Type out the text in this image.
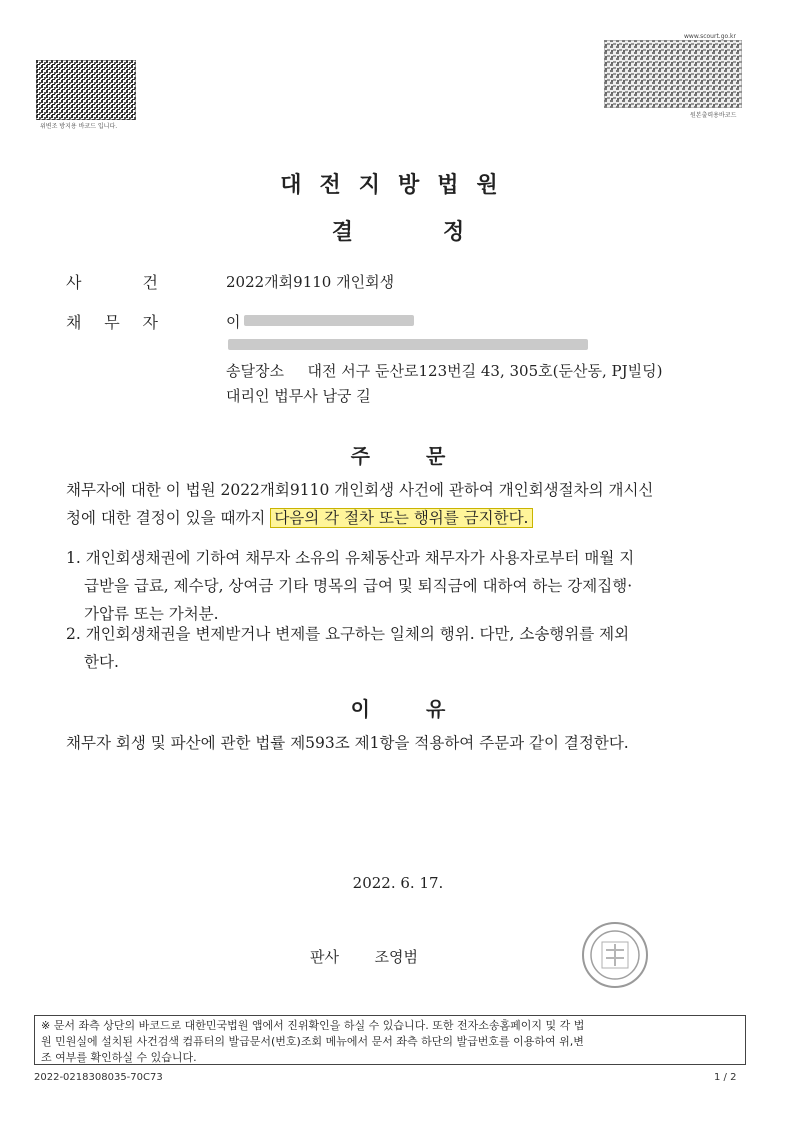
위변조 방지용 바코드 입니다.
www.scourt.go.kr
원본출력용바코드
대전지방법원
결	정
사	건	2022개회9110 개인회생
채 무 자	이
송달장소 대전 서구 둔산로123번길 43, 305호(둔산동, PJ빌딩)
대리인 법무사 남궁 길
주	문
채무자에 대한 이 법원 2022개회9110 개인회생 사건에 관하여 개인회생절차의 개시신
청에 대한 결정이 있을 때까지 다음의 각 절차 또는 행위를 금지한다.
1. 개인회생채권에 기하여 채무자 소유의 유체동산과 채무자가 사용자로부터 매월 지
급받을 급료, 제수당, 상여금 기타 명목의 급여 및 퇴직금에 대하여 하는 강제집행·
가압류 또는 가처분.
2. 개인회생채권을 변제받거나 변제를 요구하는 일체의 행위. 다만, 소송행위를 제외
한다.
이	유
채무자 회생 및 파산에 관한 법률 제593조 제1항을 적용하여 주문과 같이 결정한다.
2022. 6. 17.
판사 조영범
※ 문서 좌측 상단의 바코드로 대한민국법원 앱에서 진위확인을 하실 수 있습니다. 또한 전자소송홈페이지 및 각 법
원 민원실에 설치된 사건검색 컴퓨터의 발급문서(번호)조회 메뉴에서 문서 좌측 하단의 발급번호를 이용하여 위,변
조 여부를 확인하실 수 있습니다.
2022-0218308035-70C73	1 / 2
